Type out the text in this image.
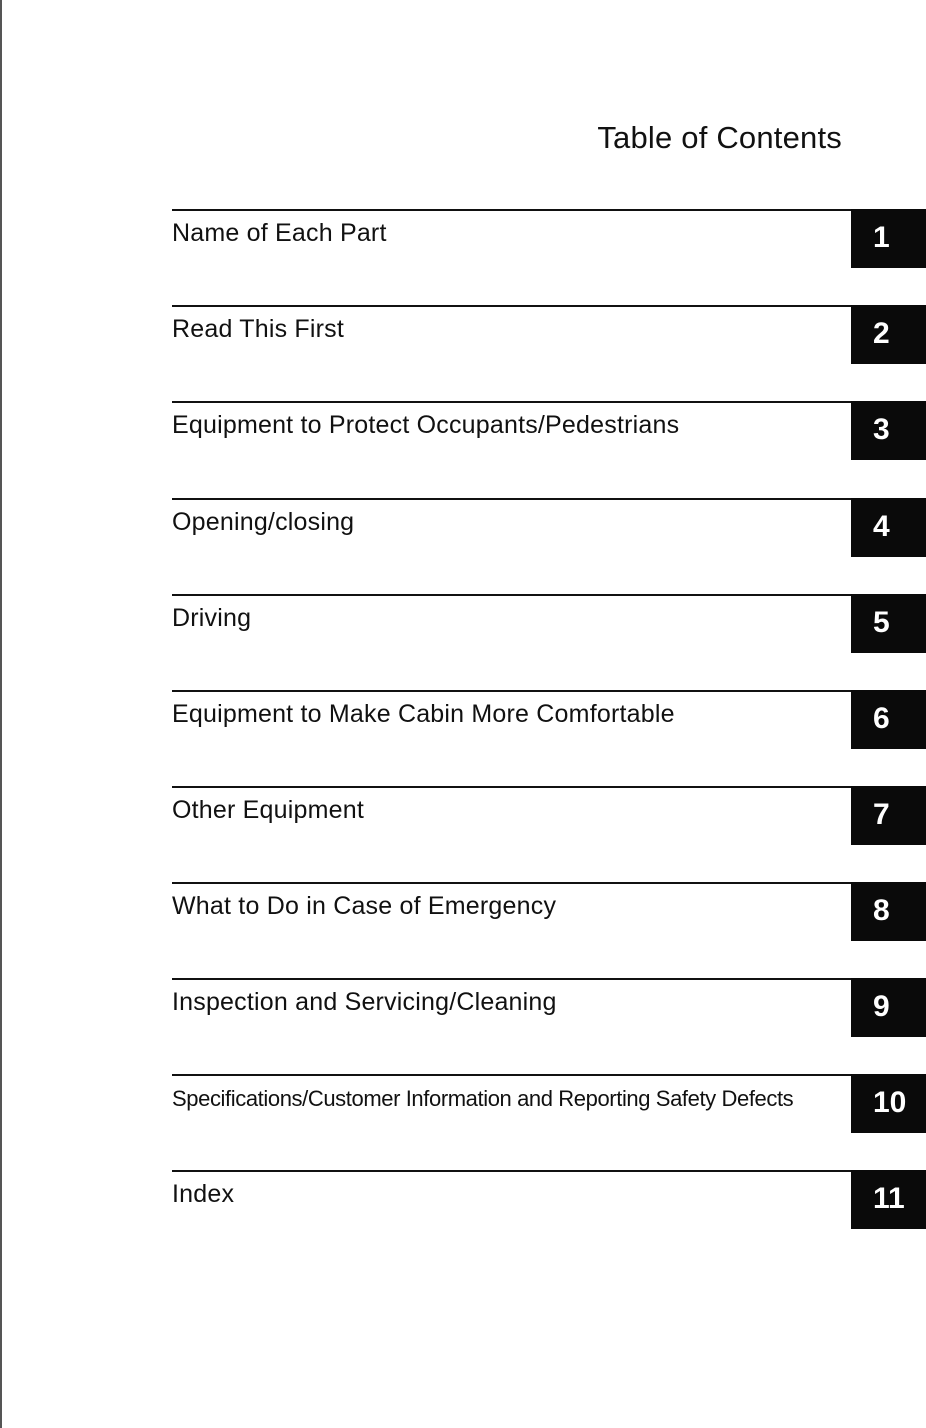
Table of Contents
Name of Each Part	1
Read This First	2
Equipment to Protect Occupants/Pedestrians	3
Opening/closing	4
Driving	5
Equipment to Make Cabin More Comfortable	6
Other Equipment	7
What to Do in Case of Emergency	8
Inspection and Servicing/Cleaning	9
Specifications/Customer Information and Reporting Safety Defects	10
Index	11
